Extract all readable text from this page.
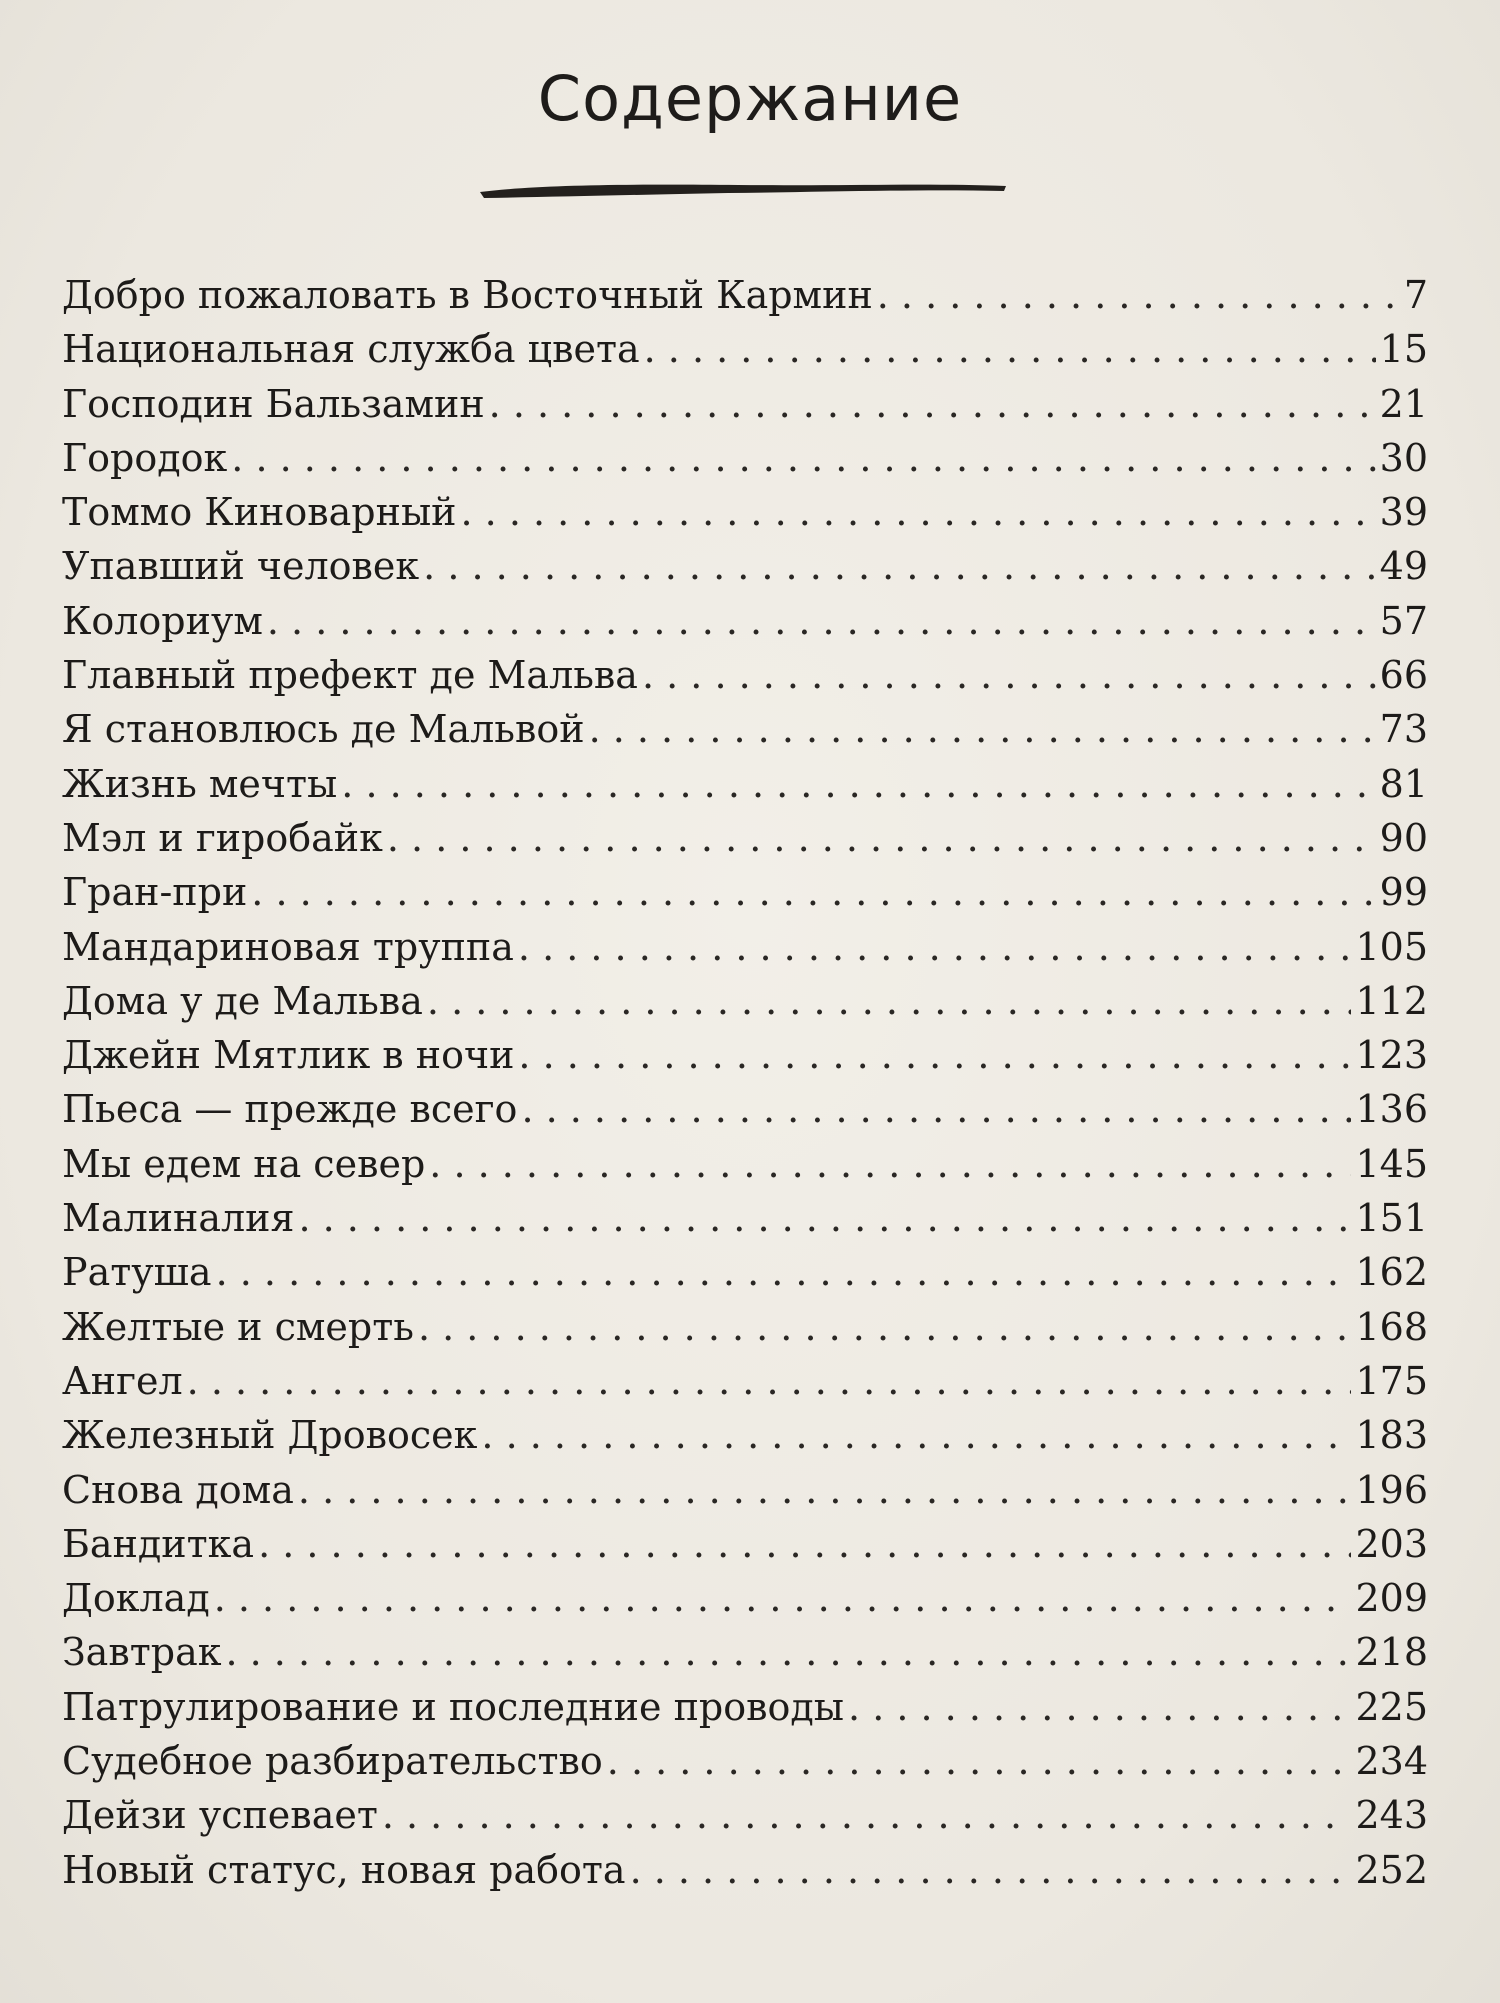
Содержание
Добро пожаловать в Восточный Кармин . . .	7
Национальная служба цвета . . .	15
Господин Бальзамин . . .	21
Городок . . .	30
Томмо Киноварный . . .	39
Упавший человек . . .	49
Колориум . . .	57
Главный префект де Мальва . . .	66
Я становлюсь де Мальвой . . .	73
Жизнь мечты . . .	81
Мэл и гиробайк . . .	90
Гран-при . . .	99
Мандариновая труппа . . .	105
Дома у де Мальва . . .	112
Джейн Мятлик в ночи . . .	123
Пьеса — прежде всего . . .	136
Мы едем на север . . .	145
Малиналия . . .	151
Ратуша . . .	162
Желтые и смерть . . .	168
Ангел . . .	175
Железный Дровосек . . .	183
Снова дома . . .	196
Бандитка . . .	203
Доклад . . .	209
Завтрак . . .	218
Патрулирование и последние проводы . . .	225
Судебное разбирательство . . .	234
Дейзи успевает . . .	243
Новый статус, новая работа . . .	252
